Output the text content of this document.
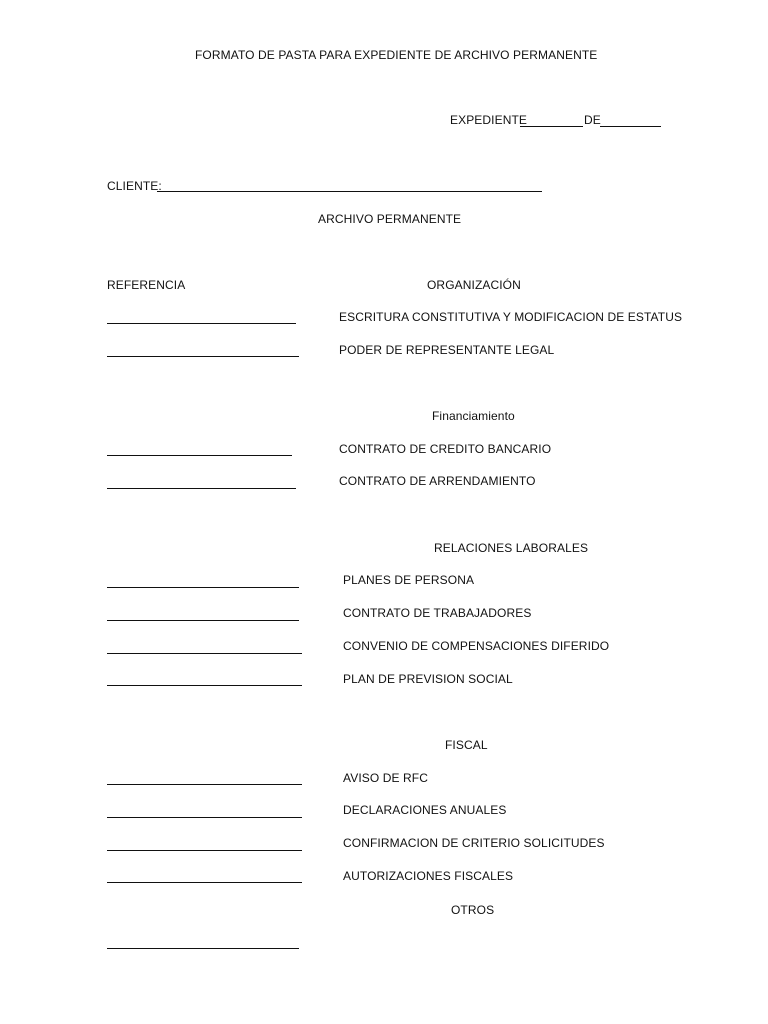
FORMATO DE PASTA PARA EXPEDIENTE DE ARCHIVO PERMANENTE
EXPEDIENTE	DE
CLIENTE:
ARCHIVO PERMANENTE
REFERENCIA	ORGANIZACIÓN
ESCRITURA CONSTITUTIVA Y MODIFICACION DE ESTATUS
PODER DE REPRESENTANTE LEGAL
Financiamiento
CONTRATO DE CREDITO BANCARIO
CONTRATO DE ARRENDAMIENTO
RELACIONES LABORALES
PLANES DE PERSONA
CONTRATO DE TRABAJADORES
CONVENIO DE COMPENSACIONES DIFERIDO
PLAN DE PREVISION SOCIAL
FISCAL
AVISO DE RFC
DECLARACIONES ANUALES
CONFIRMACION DE CRITERIO SOLICITUDES
AUTORIZACIONES FISCALES
OTROS
